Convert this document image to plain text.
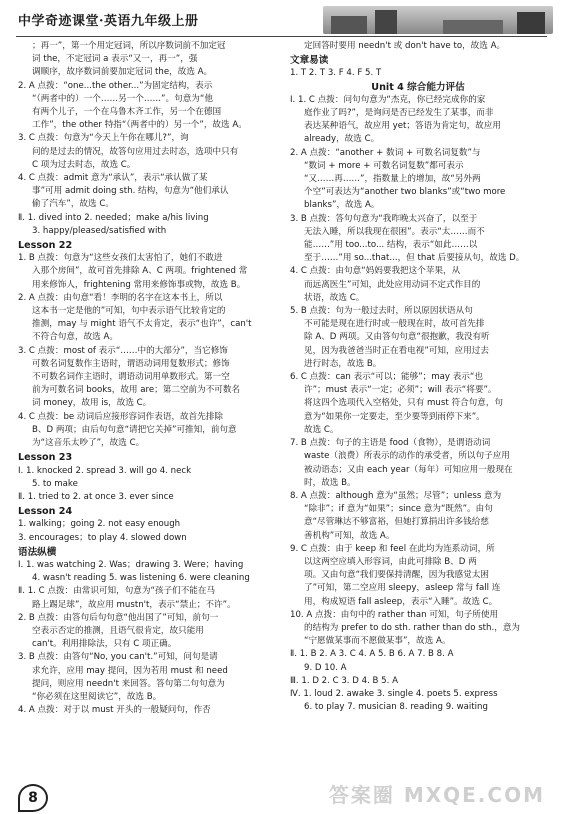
中学奇迹课堂·英语九年级上册

；再一”，第一个用定冠词，所以序数词前不加定冠

词 the，不定冠词 a 表示“又一，再一”，强

调顺序，故序数词前要加定冠词 the，故选 A。

2. A 点拨：“one...the other...”为固定结构，表示

“（两者中的）一个……另一个……”。句意为“他

有两个儿子，一个在乌鲁木齐工作，另一个在德国

工作”，the other 特指“（两者中的）另一个”，故选 A。

3. C 点拨：句意为“今天上午你在哪儿?”，询

问的是过去的情况，故答句应用过去时态，选项中只有

C 项为过去时态，故选 C。

4. C 点拨：admit 意为“承认”，表示“承认做了某

事”可用 admit doing sth. 结构，句意为“他们承认

偷了汽车”，故选 C。

Ⅱ. 1. dived into 2. needed；make a/his living

3. happy/pleased/satisfied with

Lesson 22

1. B 点拨：句意为“这些女孩们太害怕了，她们不敢进

入那个房间”，故可首先排除 A、C 两项。frightened 常

用来修饰人，frightening 常用来修饰事或物，故选 B。

2. A 点拨：由句意“看！李明的名字在这本书上，所以

这本书一定是他的”可知，句中表示语气比较肯定的

推测，may 与 might 语气不太肯定，表示“也许”，can't

不符合句意，故选 A。

3. C 点拨：most of 表示“……中的大部分”，当它修饰

可数名词复数作主语时，谓语动词用复数形式；修饰

不可数名词作主语时，谓语动词用单数形式。第一空

前为可数名词 books，故用 are；第二空前为不可数名

词 money，故用 is，故选 C。

4. C 点拨：be 动词后应接形容词作表语，故首先排除

B、D 两项；由后句句意“请把它关掉”可推知，前句意

为“这音乐太吵了”，故选 C。

Lesson 23

Ⅰ. 1. knocked 2. spread 3. will go 4. neck

5. to make

Ⅱ. 1. tried to 2. at once 3. ever since

Lesson 24

1. walking；going 2. not easy enough

3. encourages；to play 4. slowed down

语法纵横

Ⅰ. 1. was watching 2. Was；drawing 3. Were；having

4. wasn't reading 5. was listening 6. were cleaning

Ⅱ. 1. C 点拨：由常识可知，句意为“孩子们不能在马

路上踢足球”，故应用 mustn't，表示“禁止；不许”。

2. B 点拨：由答句后句句意“他出国了”可知，前句一

空表示否定的推测，且语气很肯定，故只能用

can't。利用排除法，只有 C 项正确。

3. B 点拨：由答句“No, you can't.”可知，问句是请

求允许，应用 may 提问，因为若用 must 和 need

提问，则应用 needn't 来回答。答句第二句句意为

“你必须在这里阅读它”，故选 B。

4. A 点拨：对于以 must 开头的一般疑问句，作否

定回答时要用 needn't 或 don't have to，故选 A。

文章易读

1. T 2. T 3. F 4. F 5. T

Unit 4 综合能力评估

Ⅰ. 1. C 点拨：问句句意为“杰克，你已经完成你的家

庭作业了吗?”，是询问是否已经发生了某事，而非

表达某种语气，故应用 yet；答语为肯定句，故应用

already，故选 C。

2. A 点拨：“another + 数词 + 可数名词复数”与

“数词 + more + 可数名词复数”都可表示

“又……再……”，指数量上的增加，故“另外两

个空”可表达为“another two blanks”或“two more

blanks”，故选 A。

3. B 点拨：答句句意为“我昨晚太兴奋了，以至于

无法入睡，所以我现在很困”。表示“太……而不

能……”用 too...to... 结构，表示“如此……以

至于……”用 so...that...，但 that 后要接从句，故选 D。

4. C 点拨：由句意“妈妈要我把这个苹果，从

而远离医生”可知，此处应用动词不定式作目的

状语，故选 C。

5. B 点拨：句为一般过去时，所以原因状语从句

不可能是现在进行时或一般现在时，故可首先排

除 A、D 两项。又由答句句意“很抱歉，我没有听

见，因为我爸爸当时正在看电视”可知，应用过去

进行时态，故选 B。

6. C 点拨：can 表示“可以；能够”；may 表示“也

许”；must 表示“一定；必须”；will 表示“将要”。

将这四个选项代入空格处，只有 must 符合句意，句

意为“如果你一定要走，至少要等到雨停下来”。

故选 C。

7. B 点拨：句子的主语是 food（食物），是谓语动词

waste（浪费）所表示的动作的承受者，所以句子应用

被动语态；又由 each year（每年）可知应用一般现在

时，故选 B。

8. A 点拨：although 意为“虽然；尽管”；unless 意为

“除非”；if 意为“如果”；since 意为“既然”。由句

意“尽管琳达不够富裕，但她打算捐出许多钱给慈

善机构”可知，故选 A。

9. C 点拨：由于 keep 和 feel 在此均为连系动词，所

以这两空应填入形容词，由此可排除 B、D 两

项。又由句意“我们要保持清醒，因为我感觉太困

了”可知，第二空应用 sleepy，asleep 常与 fall 连

用，构成短语 fall asleep，表示“入睡”。故选 C。

10. A 点拨：由句中的 rather than 可知，句子所使用

的结构为 prefer to do sth. rather than do sth.，意为

“宁愿做某事而不愿做某事”，故选 A。

Ⅱ. 1. B 2. A 3. C 4. A 5. B 6. A 7. B 8. A

9. D 10. A

Ⅲ. 1. D 2. C 3. D 4. B 5. A

Ⅳ. 1. loud 2. awake 3. single 4. poets 5. express

6. to play 7. musician 8. reading 9. waiting

8	答案圈 MXQE.COM
